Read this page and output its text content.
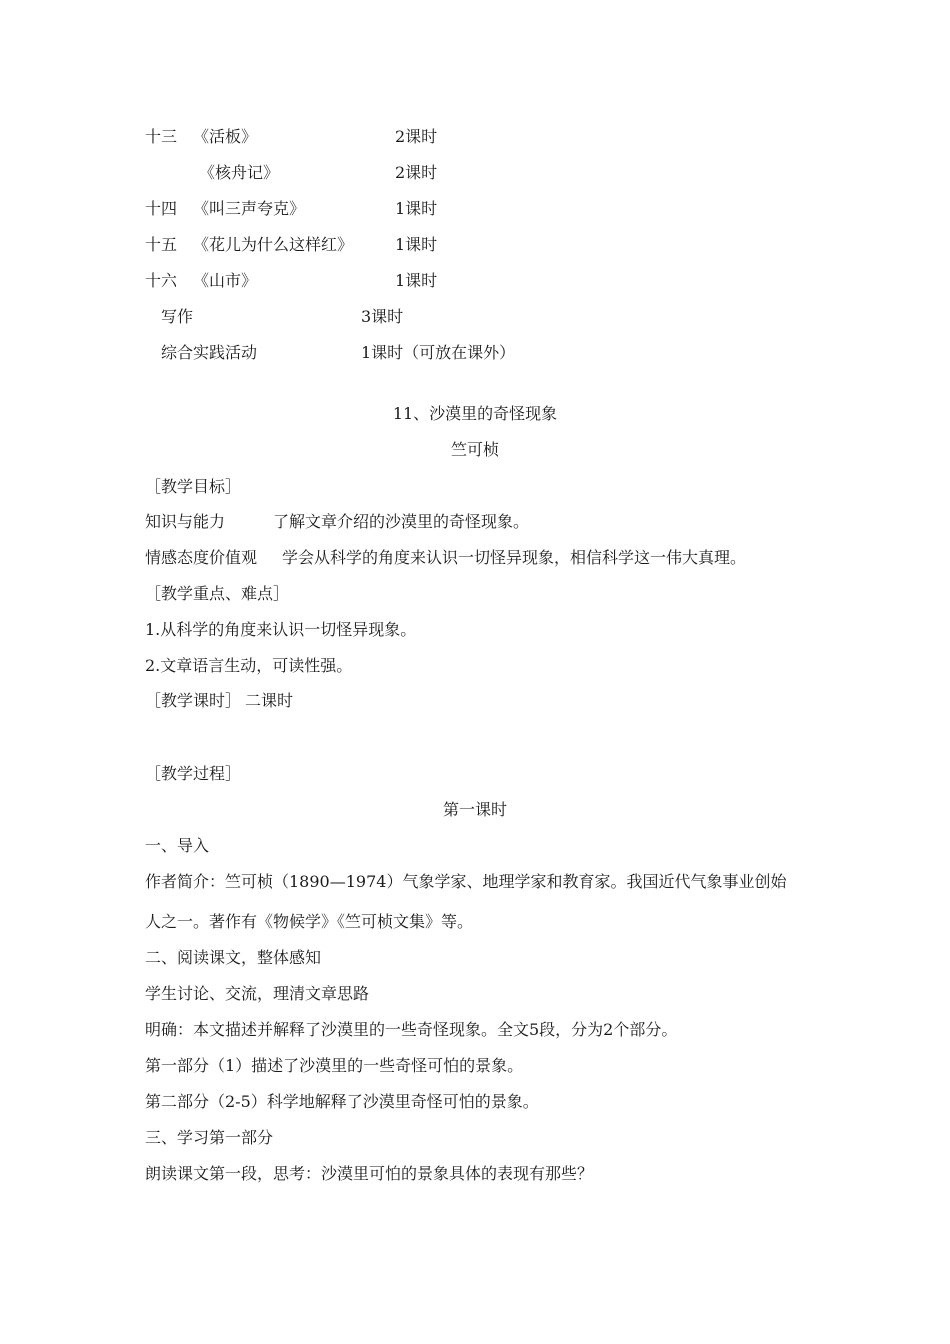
十三 《活板》	2课时
《核舟记》	2课时
十四 《叫三声夸克》	1课时
十五 《花儿为什么这样红》	1课时
十六 《山市》	1课时
写作	3课时
综合实践活动	1课时（可放在课外）
11、沙漠里的奇怪现象
竺可桢
［教学目标］
知识与能力	了解文章介绍的沙漠里的奇怪现象。
情感态度价值观 学会从科学的角度来认识一切怪异现象，相信科学这一伟大真理。
［教学重点、难点］
1.从科学的角度来认识一切怪异现象。
2.文章语言生动，可读性强。
［教学课时］ 二课时
［教学过程］
第一课时
一、导入
作者简介：竺可桢（1890—1974）气象学家、地理学家和教育家。我国近代气象事业创始
人之一。著作有《物候学》《竺可桢文集》等。
二、阅读课文，整体感知
学生讨论、交流，理清文章思路
明确：本文描述并解释了沙漠里的一些奇怪现象。全文5段，分为2个部分。
第一部分（1）描述了沙漠里的一些奇怪可怕的景象。
第二部分（2-5）科学地解释了沙漠里奇怪可怕的景象。
三、学习第一部分
朗读课文第一段，思考：沙漠里可怕的景象具体的表现有那些？
